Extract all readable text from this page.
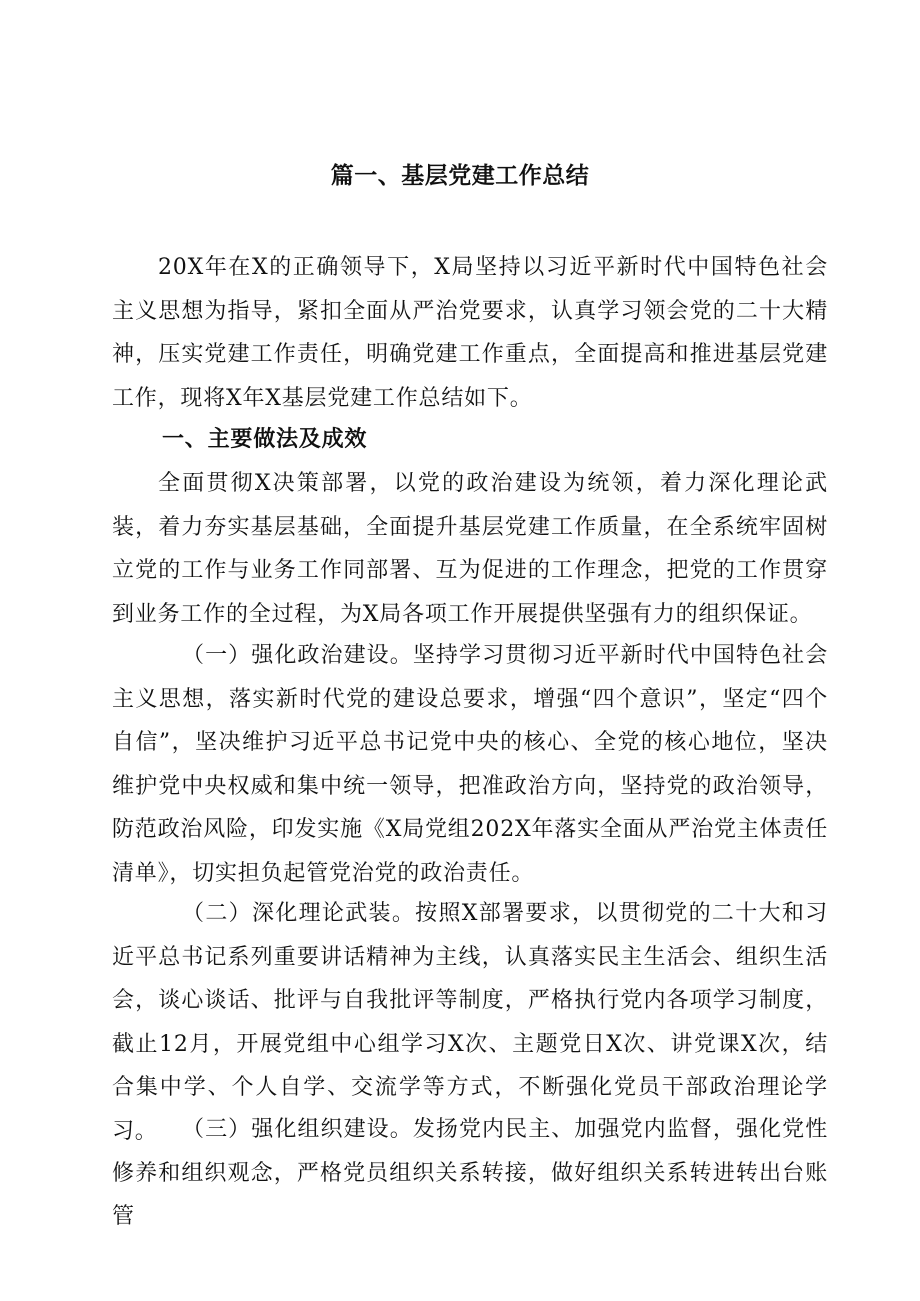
篇一、基层党建工作总结

20X年在X的正确领导下，X局坚持以习近平新时代中国特色社会主义思想为指导，紧扣全面从严治党要求，认真学习领会党的二十大精神，压实党建工作责任，明确党建工作重点，全面提高和推进基层党建工作，现将X年X基层党建工作总结如下。

一、主要做法及成效

全面贯彻X决策部署，以党的政治建设为统领，着力深化理论武装，着力夯实基层基础，全面提升基层党建工作质量，在全系统牢固树立党的工作与业务工作同部署、互为促进的工作理念，把党的工作贯穿到业务工作的全过程，为X局各项工作开展提供坚强有力的组织保证。

（一）强化政治建设。坚持学习贯彻习近平新时代中国特色社会主义思想，落实新时代党的建设总要求，增强“四个意识”，坚定“四个自信”，坚决维护习近平总书记党中央的核心、全党的核心地位，坚决维护党中央权威和集中统一领导，把准政治方向，坚持党的政治领导，防范政治风险，印发实施《X局党组202X年落实全面从严治党主体责任清单》，切实担负起管党治党的政治责任。

（二）深化理论武装。按照X部署要求，以贯彻党的二十大和习近平总书记系列重要讲话精神为主线，认真落实民主生活会、组织生活会，谈心谈话、批评与自我批评等制度，严格执行党内各项学习制度，截止12月，开展党组中心组学习X次、主题党日X次、讲党课X次，结合集中学、个人自学、交流学等方式，不断强化党员干部政治理论学习。	（三）强化组织建设。发扬党内民主、加强党内监督，强化党性修养和组织观念，严格党员组织关系转接，做好组织关系转进转出台账管
